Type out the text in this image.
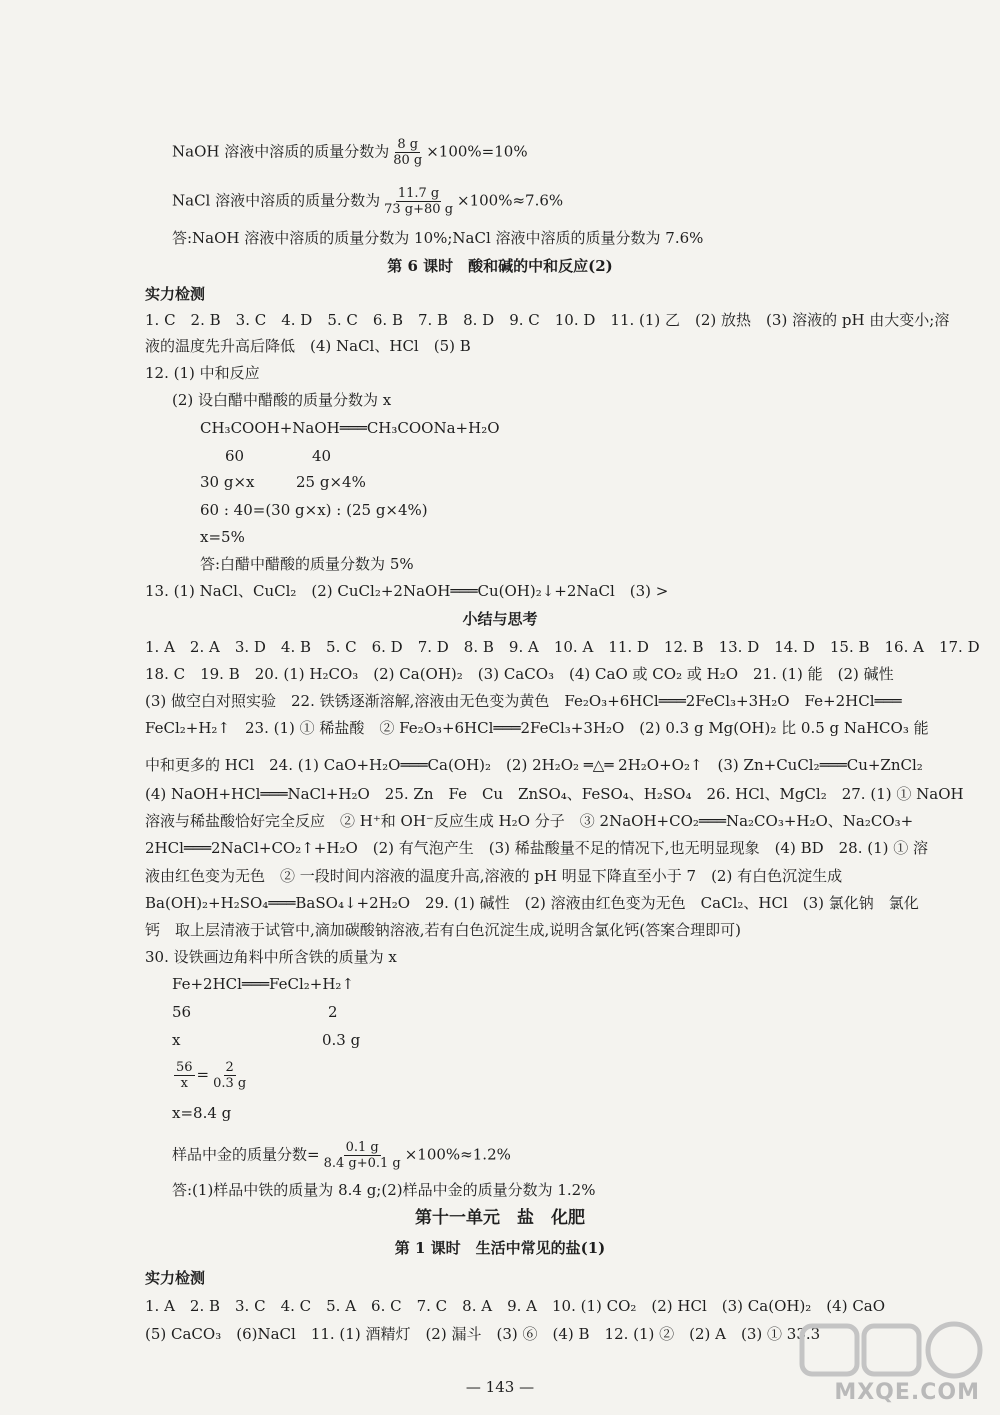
NaOH 溶液中溶质的质量分数为 $\frac{8 g}{80 g} \times 100\%=10\%$
NaCl 溶液中溶质的质量分数为 $\frac{11.7 g}{73 g+80 g} \times 100\%\approx 7.6\%$
答:NaOH 溶液中溶质的质量分数为 10%;NaCl 溶液中溶质的质量分数为 7.6%
第 6 课时　酸和碱的中和反应(2)
实力检测
1. C　2. B　3. C　4. D　5. C　6. B　7. B　8. D　9. C　10. D　11. (1) 乙　(2) 放热　(3) 溶液的 pH 由大变小;溶
液的温度先升高后降低　(4) NaCl、HCl　(5) B
12. (1) 中和反应
(2) 设白醋中醋酸的质量分数为 x
CH₃COOH+NaOH═══CH₃COONa+H₂O
60	40
30 g×x	25 g×4%
60 : 40=(30 g×x) : (25 g×4%)
x=5%
答:白醋中醋酸的质量分数为 5%
13. (1) NaCl、CuCl₂　(2) CuCl₂+2NaOH═══Cu(OH)₂↓+2NaCl　(3) >
小结与思考
1. A　2. A　3. D　4. B　5. C　6. D　7. D　8. B　9. A　10. A　11. D　12. B　13. D　14. D　15. B　16. A　17. D
18. C　19. B　20. (1) H₂CO₃　(2) Ca(OH)₂　(3) CaCO₃　(4) CaO 或 CO₂ 或 H₂O　21. (1) 能　(2) 碱性
(3) 做空白对照实验　22. 铁锈逐渐溶解,溶液由无色变为黄色　Fe₂O₃+6HCl═══2FeCl₃+3H₂O　Fe+2HCl═══
FeCl₂+H₂↑　23. (1) ① 稀盐酸　② Fe₂O₃+6HCl═══2FeCl₃+3H₂O　(2) 0.3 g Mg(OH)₂ 比 0.5 g NaHCO₃ 能
中和更多的 HCl　24. (1) CaO+H₂O═══Ca(OH)₂　(2) 2H₂O₂ ═△═ 2H₂O+O₂↑　(3) Zn+CuCl₂═══Cu+ZnCl₂
(4) NaOH+HCl═══NaCl+H₂O　25. Zn　Fe　Cu　ZnSO₄、FeSO₄、H₂SO₄　26. HCl、MgCl₂　27. (1) ① NaOH
溶液与稀盐酸恰好完全反应　② H⁺和 OH⁻反应生成 H₂O 分子　③ 2NaOH+CO₂═══Na₂CO₃+H₂O、Na₂CO₃+
2HCl═══2NaCl+CO₂↑+H₂O　(2) 有气泡产生　(3) 稀盐酸量不足的情况下,也无明显现象　(4) BD　28. (1) ① 溶
液由红色变为无色　② 一段时间内溶液的温度升高,溶液的 pH 明显下降直至小于 7　(2) 有白色沉淀生成
Ba(OH)₂+H₂SO₄═══BaSO₄↓+2H₂O　29. (1) 碱性　(2) 溶液由红色变为无色　CaCl₂、HCl　(3) 氯化钠　氯化
钙　取上层清液于试管中,滴加碳酸钠溶液,若有白色沉淀生成,说明含氯化钙(答案合理即可)
30. 设铁画边角料中所含铁的质量为 x
Fe+2HCl═══FeCl₂+H₂↑
56	2
x	0.3 g
$\frac{56}{x} = \frac{2}{0.3 g}$
x=8.4 g
样品中金的质量分数= $\frac{0.1 g}{8.4 g+0.1 g} \times 100\%\approx 1.2\%$
答:(1)样品中铁的质量为 8.4 g;(2)样品中金的质量分数为 1.2%
第十一单元　盐　化肥
第 1 课时　生活中常见的盐(1)
实力检测
1. A　2. B　3. C　4. C　5. A　6. C　7. C　8. A　9. A　10. (1) CO₂　(2) HCl　(3) Ca(OH)₂　(4) CaO
(5) CaCO₃　(6)NaCl　11. (1) 酒精灯　(2) 漏斗　(3) ⑥　(4) B　12. (1) ②　(2) A　(3) ① 33.3
— 143 —	MXQE.COM
